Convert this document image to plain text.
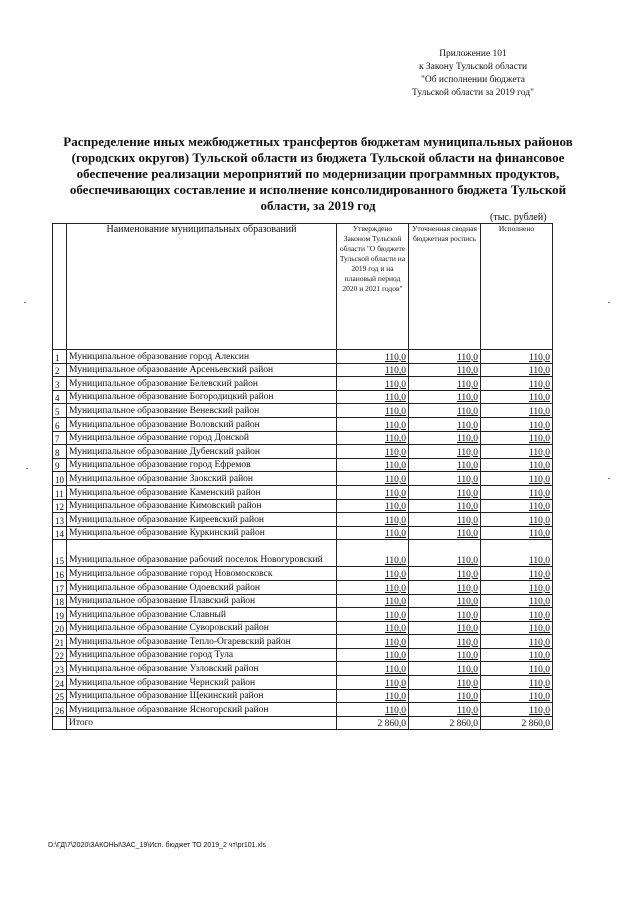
Приложение 101
к Закону Тульской области
"Об исполнении бюджета
Тульской области за 2019 год"
Распределение иных межбюджетных трансфертов бюджетам муниципальных районов (городских округов) Тульской области из бюджета Тульской области на финансовое обеспечение реализации мероприятий по модернизации программных продуктов, обеспечивающих составление и исполнение консолидированного бюджета Тульской области, за 2019 год
(тыс. рублей)
	Наименование муниципальных образований	Утверждено Законом Тульской области "О бюджете Тульской области на 2019 год и на плановый период 2020 и 2021 годов"	Уточненная сводная бюджетная роспись	Исполнено
1	Муниципальное образование город Алексин	110,0	110,0	110,0
2	Муниципальное образование Арсеньевский район	110,0	110,0	110,0
3	Муниципальное образование Белевский район	110,0	110,0	110,0
4	Муниципальное образование Богородицкий район	110,0	110,0	110,0
5	Муниципальное образование Веневский район	110,0	110,0	110,0
6	Муниципальное образование Воловский район	110,0	110,0	110,0
7	Муниципальное образование город Донской	110,0	110,0	110,0
8	Муниципальное образование Дубенский район	110,0	110,0	110,0
9	Муниципальное образование город Ефремов	110,0	110,0	110,0
10	Муниципальное образование Заокский район	110,0	110,0	110,0
11	Муниципальное образование Каменский район	110,0	110,0	110,0
12	Муниципальное образование Кимовский район	110,0	110,0	110,0
13	Муниципальное образование Киреевский район	110,0	110,0	110,0
14	Муниципальное образование Куркинский район	110,0	110,0	110,0
15	Муниципальное образование рабочий поселок Новогуровский	110,0	110,0	110,0
16	Муниципальное образование город Новомосковск	110,0	110,0	110,0
17	Муниципальное образование Одоевский район	110,0	110,0	110,0
18	Муниципальное образование Плавский район	110,0	110,0	110,0
19	Муниципальное образование Славный	110,0	110,0	110,0
20	Муниципальное образование Суворовский район	110,0	110,0	110,0
21	Муниципальное образование Тепло-Огаревский район	110,0	110,0	110,0
22	Муниципальное образование город Тула	110,0	110,0	110,0
23	Муниципальное образование Узловский район	110,0	110,0	110,0
24	Муниципальное образование Чернский район	110,0	110,0	110,0
25	Муниципальное образование Щекинский район	110,0	110,0	110,0
26	Муниципальное образование Ясногорский район	110,0	110,0	110,0
	Итого	2 860,0	2 860,0	2 860,0
D:\ГД\7\2020\ЗАКОНЫ\ЗАС_19\Исп. бюджет ТО 2019_2 чт\pr101.xls
